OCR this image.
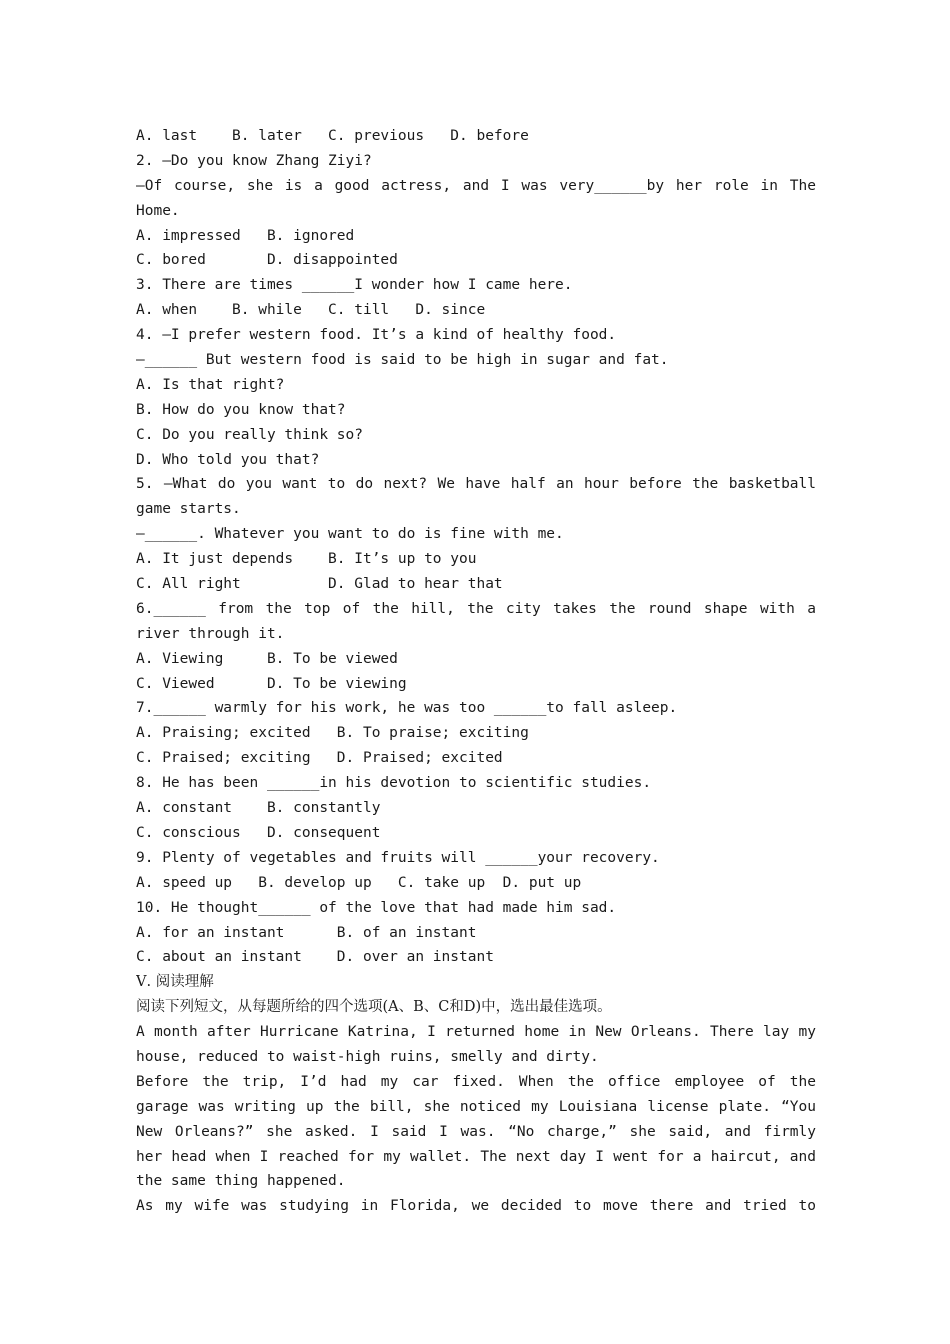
A. last    B. later   C. previous   D. before
2. —Do you know Zhang Ziyi?
—Of course, she is a good actress, and I was very______by her role in The
Home.
A. impressed   B. ignored
C. bored       D. disappointed
3. There are times ______I wonder how I came here.
A. when    B. while   C. till   D. since
4. —I prefer western food. It’s a kind of healthy food.
—______ But western food is said to be high in sugar and fat.
A. Is that right?
B. How do you know that?
C. Do you really think so?
D. Who told you that?
5. —What do you want to do next? We have half an hour before the basketball
game starts.
—______. Whatever you want to do is fine with me.
A. It just depends    B. It’s up to you
C. All right          D. Glad to hear that
6.______ from the top of the hill, the city takes the round shape with a
river through it.
A. Viewing     B. To be viewed
C. Viewed      D. To be viewing
7.______ warmly for his work, he was too ______to fall asleep.
A. Praising; excited   B. To praise; exciting
C. Praised; exciting   D. Praised; excited
8. He has been ______in his devotion to scientific studies.
A. constant    B. constantly
C. conscious   D. consequent
9. Plenty of vegetables and fruits will ______your recovery.
A. speed up   B. develop up   C. take up  D. put up
10. He thought______ of the love that had made him sad.
A. for an instant      B. of an instant
C. about an instant    D. over an instant
Ⅴ. 阅读理解
阅读下列短文，从每题所给的四个选项(A、B、C和D)中，选出最佳选项。
A month after Hurricane Katrina, I returned home in New Orleans. There lay my
house, reduced to waist-high ruins, smelly and dirty.
Before the trip, I’d had my car fixed. When the office employee of the
garage was writing up the bill, she noticed my Louisiana license plate. “You
New Orleans?” she asked. I said I was. “No charge,” she said, and firmly
her head when I reached for my wallet. The next day I went for a haircut, and
the same thing happened.
As my wife was studying in Florida, we decided to move there and tried to
